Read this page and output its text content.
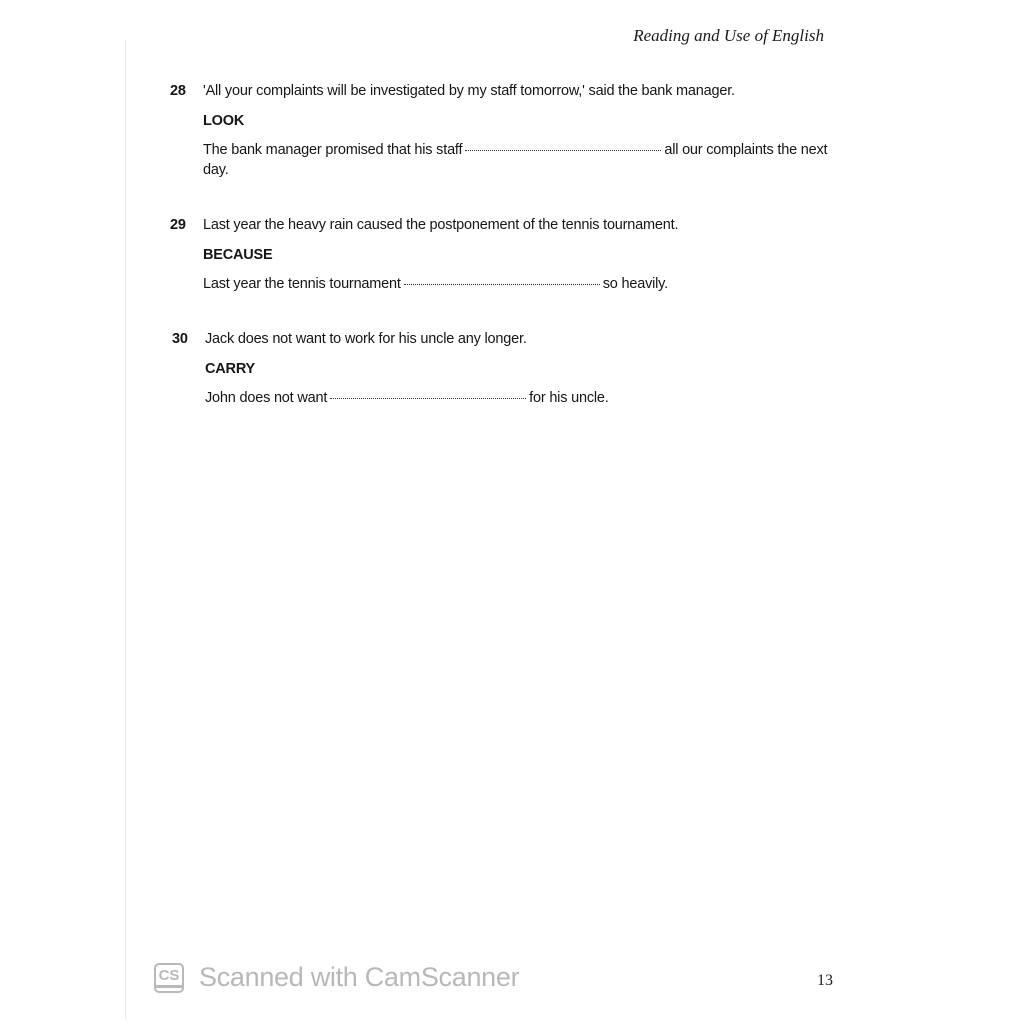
Reading and Use of English
28	'All your complaints will be investigated by my staff tomorrow,' said the bank manager.

LOOK

The bank manager promised that his staff	all our complaints the next day.

29	Last year the heavy rain caused the postponement of the tennis tournament.

BECAUSE

Last year the tennis tournament	so heavily.

30	Jack does not want to work for his uncle any longer.

CARRY

John does not want	for his uncle.

CS Scanned with CamScanner	13
